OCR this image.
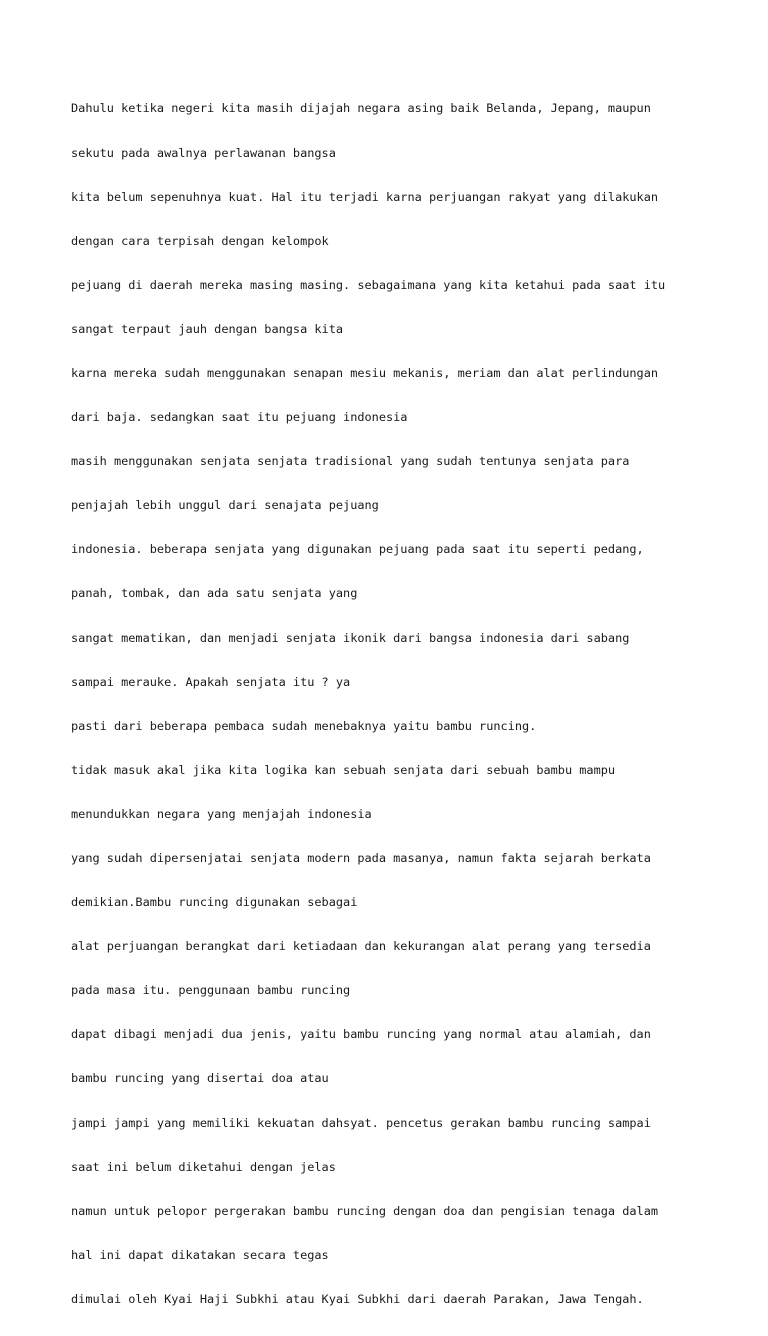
Dahulu ketika negeri kita masih dijajah negara asing baik Belanda, Jepang, maupun

sekutu pada awalnya perlawanan bangsa

kita belum sepenuhnya kuat. Hal itu terjadi karna perjuangan rakyat yang dilakukan

dengan cara terpisah dengan kelompok

pejuang di daerah mereka masing masing. sebagaimana yang kita ketahui pada saat itu

sangat terpaut jauh dengan bangsa kita

karna mereka sudah menggunakan senapan mesiu mekanis, meriam dan alat perlindungan

dari baja. sedangkan saat itu pejuang indonesia

masih menggunakan senjata senjata tradisional yang sudah tentunya senjata para

penjajah lebih unggul dari senajata pejuang

indonesia. beberapa senjata yang digunakan pejuang pada saat itu seperti pedang,

panah, tombak, dan ada satu senjata yang

sangat mematikan, dan menjadi senjata ikonik dari bangsa indonesia dari sabang

sampai merauke. Apakah senjata itu ? ya

pasti dari beberapa pembaca sudah menebaknya yaitu bambu runcing.

tidak masuk akal jika kita logika kan sebuah senjata dari sebuah bambu mampu

menundukkan negara yang menjajah indonesia

yang sudah dipersenjatai senjata modern pada masanya, namun fakta sejarah berkata

demikian.Bambu runcing digunakan sebagai

alat perjuangan berangkat dari ketiadaan dan kekurangan alat perang yang tersedia

pada masa itu. penggunaan bambu runcing

dapat dibagi menjadi dua jenis, yaitu bambu runcing yang normal atau alamiah, dan

bambu runcing yang disertai doa atau

jampi jampi yang memiliki kekuatan dahsyat. pencetus gerakan bambu runcing sampai

saat ini belum diketahui dengan jelas

namun untuk pelopor pergerakan bambu runcing dengan doa dan pengisian tenaga dalam

hal ini dapat dikatakan secara tegas

dimulai oleh Kyai Haji Subkhi atau Kyai Subkhi dari daerah Parakan, Jawa Tengah.
